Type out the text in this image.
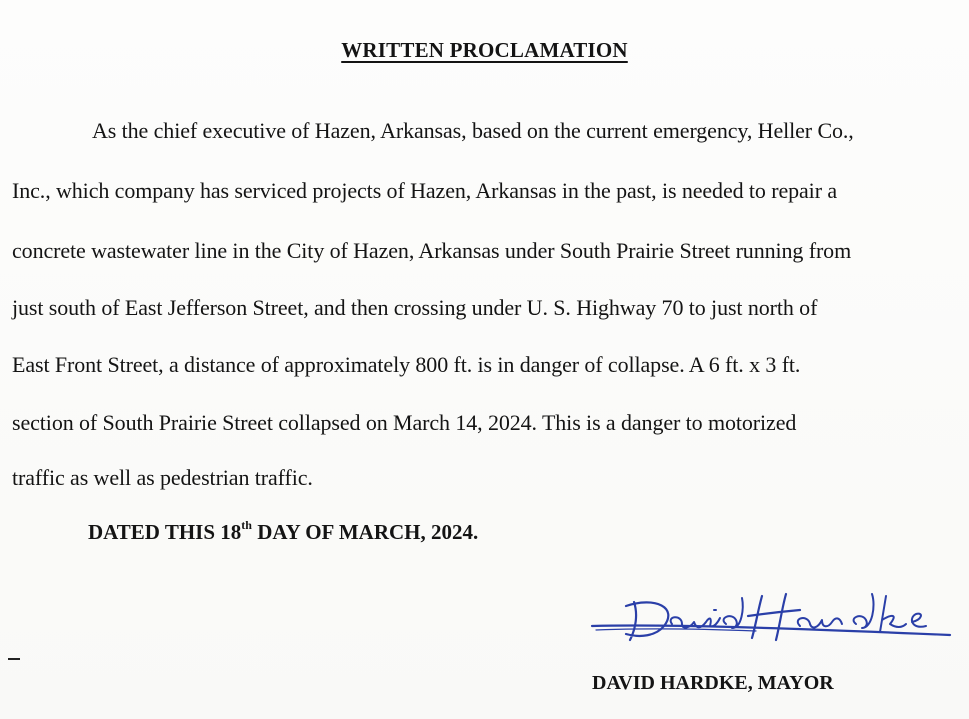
WRITTEN PROCLAMATION
As the chief executive of Hazen, Arkansas, based on the current emergency, Heller Co.,
Inc., which company has serviced projects of Hazen, Arkansas in the past, is needed to repair a
concrete wastewater line in the City of Hazen, Arkansas under South Prairie Street running from
just south of East Jefferson Street, and then crossing under U. S. Highway 70 to just north of
East Front Street, a distance of approximately 800 ft. is in danger of collapse. A 6 ft. x 3 ft.
section of South Prairie Street collapsed on March 14, 2024. This is a danger to motorized
traffic as well as pedestrian traffic.
DATED THIS 18th DAY OF MARCH, 2024.
DAVID HARDKE, MAYOR
